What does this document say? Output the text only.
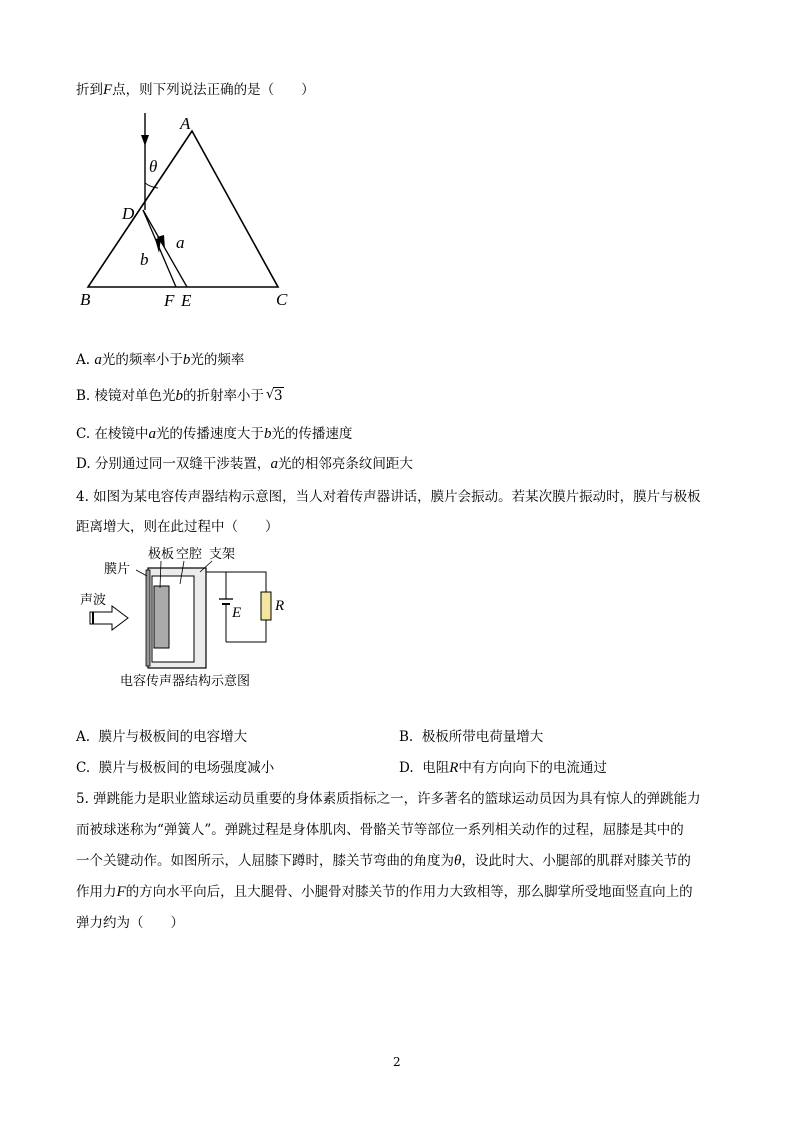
折到F点，则下列说法正确的是（　　）
A
θ
D
a
b
B	F E	C
A. a光的频率小于b光的频率
B. 棱镜对单色光b的折射率小于 √ 3
C. 在棱镜中a光的传播速度大于b光的传播速度
D. 分别通过同一双缝干涉装置，a光的相邻亮条纹间距大
4. 如图为某电容传声器结构示意图，当人对着传声器讲话，膜片会振动。若某次膜片振动时，膜片与极板
距离增大，则在此过程中（　　）
膜片
极板 空腔 支架
声波
E R
电容传声器结构示意图
A. 膜片与极板间的电容增大	B. 极板所带电荷量增大
C. 膜片与极板间的电场强度减小	D. 电阻R中有方向向下的电流通过
5. 弹跳能力是职业篮球运动员重要的身体素质指标之一，许多著名的篮球运动员因为具有惊人的弹跳能力
而被球迷称为“弹簧人”。弹跳过程是身体肌肉、骨骼关节等部位一系列相关动作的过程，屈膝是其中的
一个关键动作。如图所示，人屈膝下蹲时，膝关节弯曲的角度为θ，设此时大、小腿部的肌群对膝关节的
作用力F的方向水平向后，且大腿骨、小腿骨对膝关节的作用力大致相等，那么脚掌所受地面竖直向上的
弹力约为（　　）
2
